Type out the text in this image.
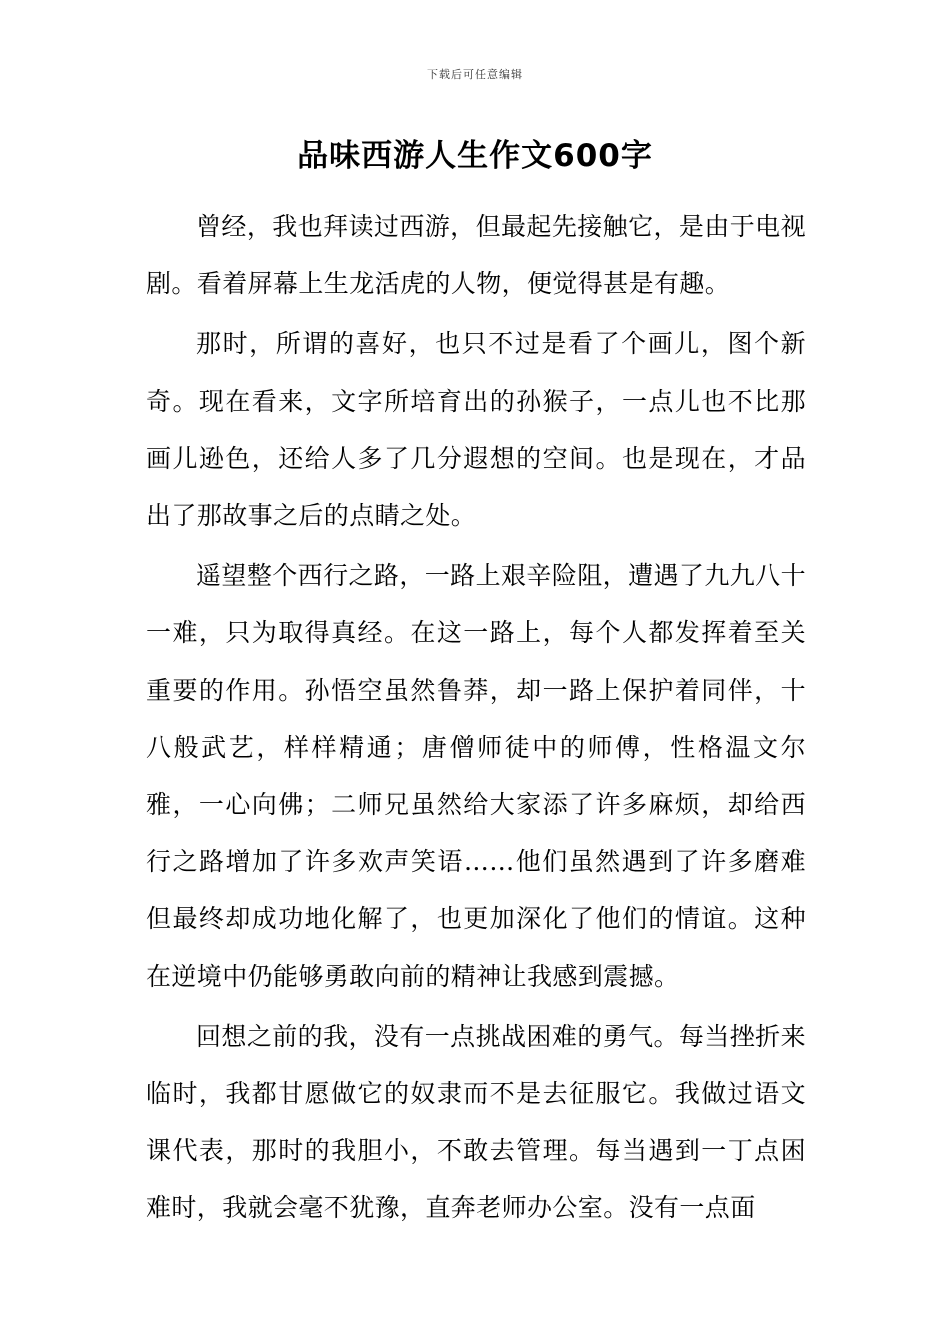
下载后可任意编辑
品味西游人生作文600字

曾经，我也拜读过西游，但最起先接触它，是由于电视剧。看着屏幕上生龙活虎的人物，便觉得甚是有趣。

那时，所谓的喜好，也只不过是看了个画儿，图个新奇。现在看来，文字所培育出的孙猴子，一点儿也不比那画儿逊色，还给人多了几分遐想的空间。也是现在，才品出了那故事之后的点睛之处。

遥望整个西行之路，一路上艰辛险阻，遭遇了九九八十一难，只为取得真经。在这一路上，每个人都发挥着至关重要的作用。孙悟空虽然鲁莽，却一路上保护着同伴，十八般武艺，样样精通；唐僧师徒中的师傅，性格温文尔雅，一心向佛；二师兄虽然给大家添了许多麻烦，却给西行之路增加了许多欢声笑语……他们虽然遇到了许多磨难但最终却成功地化解了，也更加深化了他们的情谊。这种在逆境中仍能够勇敢向前的精神让我感到震撼。

回想之前的我，没有一点挑战困难的勇气。每当挫折来临时，我都甘愿做它的奴隶而不是去征服它。我做过语文课代表，那时的我胆小，不敢去管理。每当遇到一丁点困难时，我就会毫不犹豫，直奔老师办公室。没有一点面
